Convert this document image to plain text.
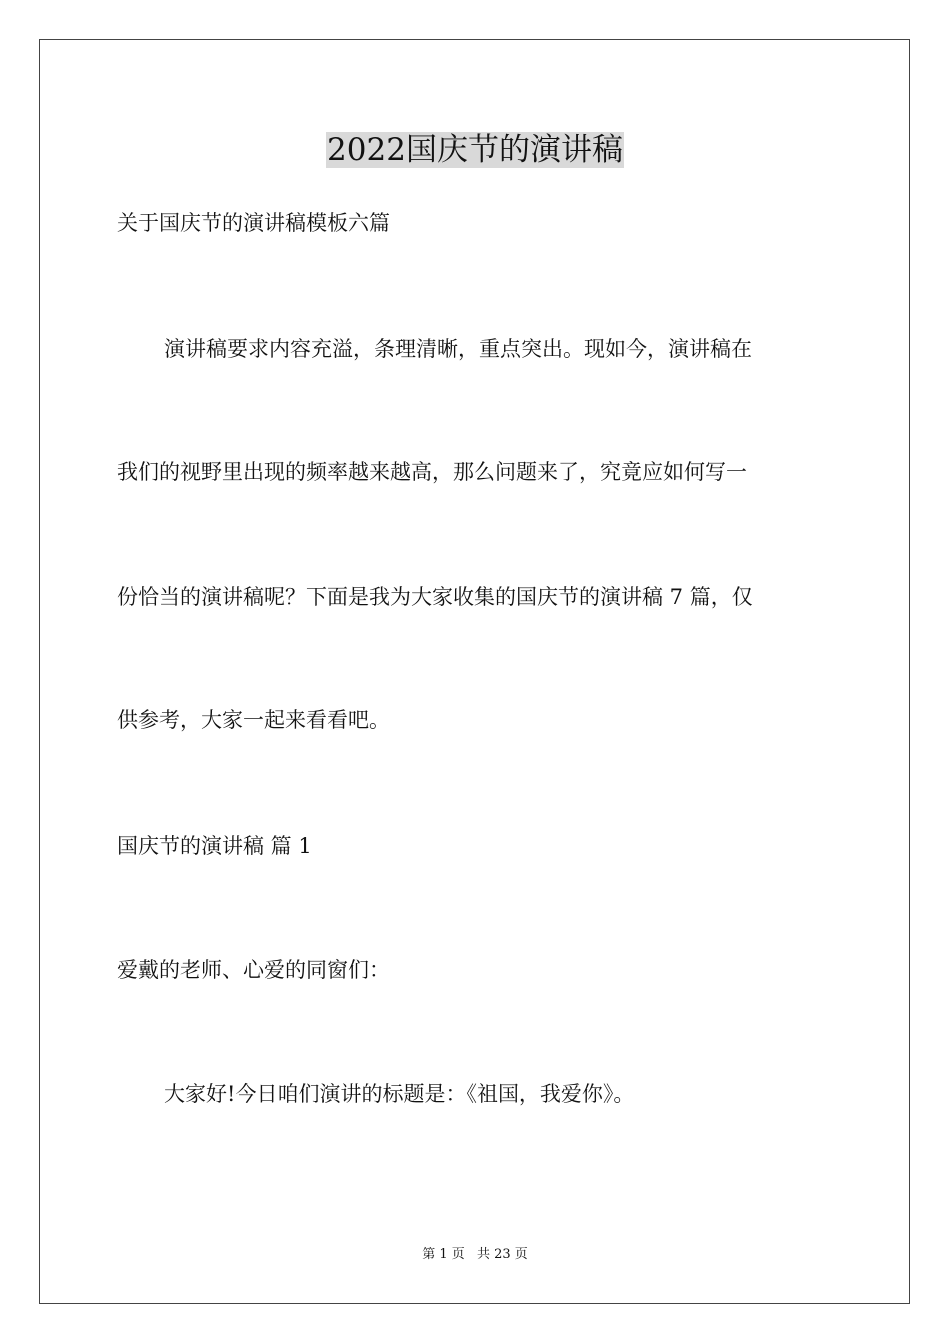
2022国庆节的演讲稿
关于国庆节的演讲稿模板六篇
演讲稿要求内容充溢，条理清晰，重点突出。现如今，演讲稿在
我们的视野里出现的频率越来越高，那么问题来了，究竟应如何写一
份恰当的演讲稿呢？下面是我为大家收集的国庆节的演讲稿 7 篇，仅
供参考，大家一起来看看吧。
国庆节的演讲稿 篇 1
爱戴的老师、心爱的同窗们：
大家好!今日咱们演讲的标题是：《祖国，我爱你》。
第 1 页 共 23 页
